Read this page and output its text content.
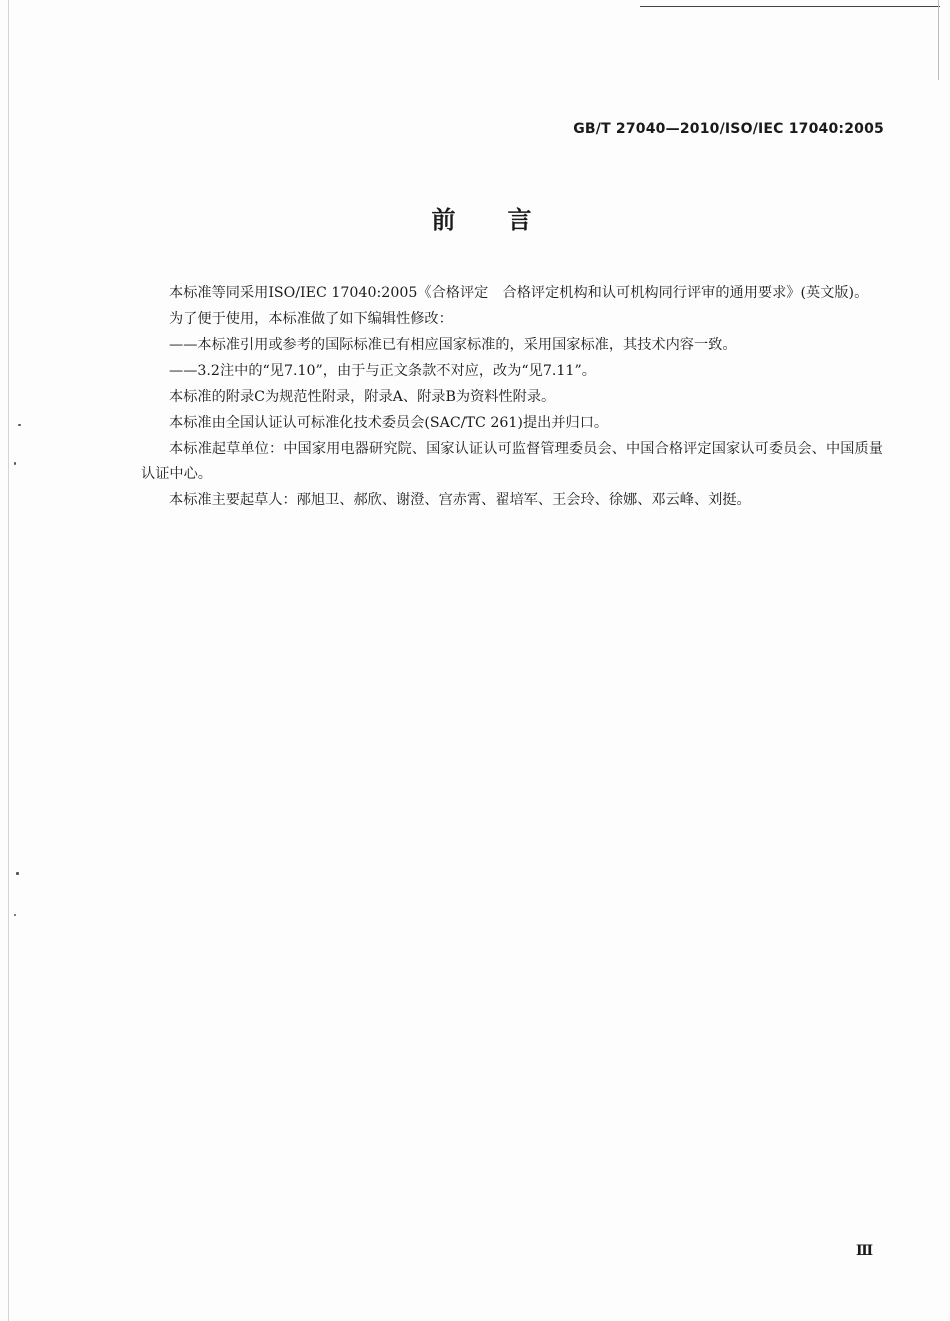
GB/T 27040—2010/ISO/IEC 17040:2005
前言

本标准等同采用ISO/IEC 17040:2005《合格评定　合格评定机构和认可机构同行评审的通用要求》(英文版)。

为了便于使用，本标准做了如下编辑性修改：

——本标准引用或参考的国际标准已有相应国家标准的，采用国家标准，其技术内容一致。

——3.2注中的“见7.10”，由于与正文条款不对应，改为“见7.11”。

本标准的附录C为规范性附录，附录A、附录B为资料性附录。

本标准由全国认证认可标准化技术委员会(SAC/TC 261)提出并归口。

本标准起草单位：中国家用电器研究院、国家认证认可监督管理委员会、中国合格评定国家认可委员会、中国质量认证中心。

本标准主要起草人：邴旭卫、郝欣、谢澄、宫赤霄、翟培军、王会玲、徐娜、邓云峰、刘挺。

Ⅲ
